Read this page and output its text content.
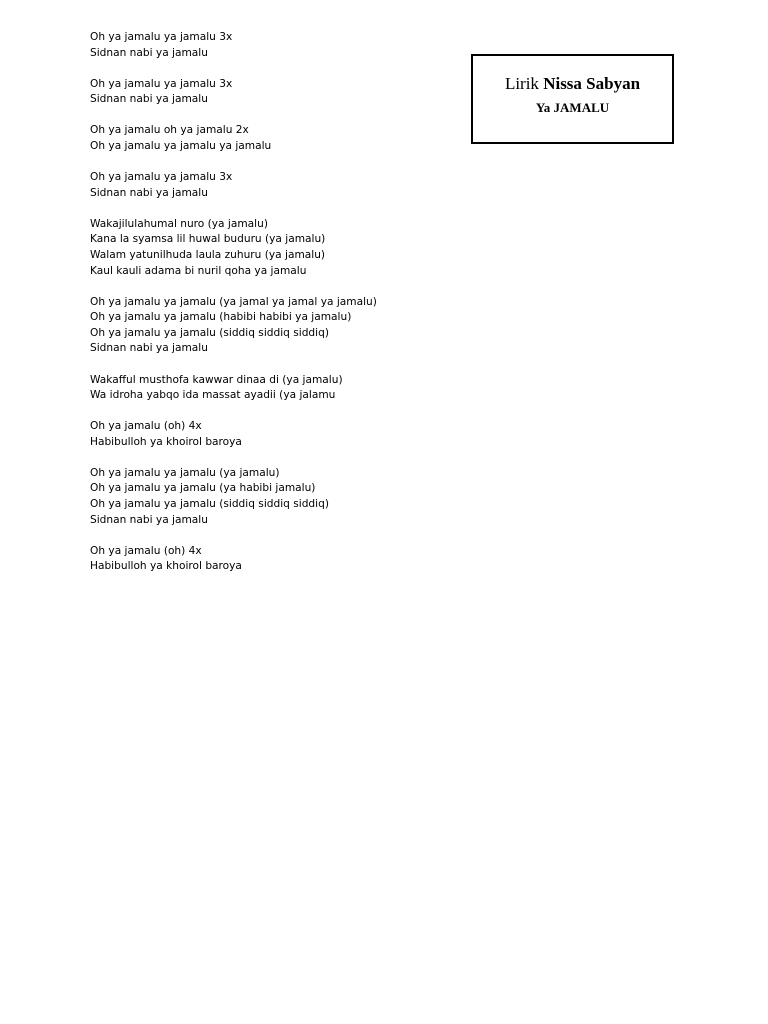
Oh ya jamalu ya jamalu 3x
Sidnan nabi ya jamalu
Oh ya jamalu ya jamalu 3x
Sidnan nabi ya jamalu
Oh ya jamalu oh ya jamalu 2x
Oh ya jamalu ya jamalu ya jamalu
Oh ya jamalu ya jamalu 3x
Sidnan nabi ya jamalu
Wakajilulahumal nuro (ya jamalu)
Kana la syamsa lil huwal buduru (ya jamalu)
Walam yatunilhuda laula zuhuru (ya jamalu)
Kaul kauli adama bi nuril qoha ya jamalu
Oh ya jamalu ya jamalu (ya jamal ya jamal ya jamalu)
Oh ya jamalu ya jamalu (habibi habibi ya jamalu)
Oh ya jamalu ya jamalu (siddiq siddiq siddiq)
Sidnan nabi ya jamalu
Wakafful musthofa kawwar dinaa di (ya jamalu)
Wa idroha yabqo ida massat ayadii (ya jalamu
Oh ya jamalu (oh) 4x
Habibulloh ya khoirol baroya
Oh ya jamalu ya jamalu (ya jamalu)
Oh ya jamalu ya jamalu (ya habibi jamalu)
Oh ya jamalu ya jamalu (siddiq siddiq siddiq)
Sidnan nabi ya jamalu
Oh ya jamalu (oh) 4x
Habibulloh ya khoirol baroya
Lirik Nissa Sabyan
Ya JAMALU
